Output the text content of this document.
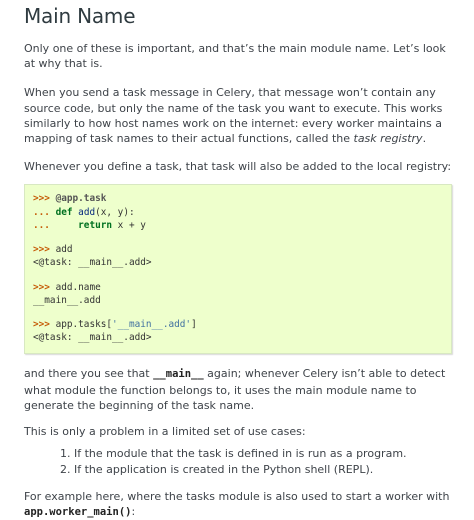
Main Name

Only one of these is important, and that’s the main module name. Let’s look at why that is.

When you send a task message in Celery, that message won’t contain any source code, but only the name of the task you want to execute. This works similarly to how host names work on the internet: every worker maintains a mapping of task names to their actual functions, called the task registry.

Whenever you define a task, that task will also be added to the local registry:

>>> @app.task
... def add(x, y):
...     return x + y
>>> add
<@task: __main__.add>
>>> add.name
__main__.add
>>> app.tasks['__main__.add']
<@task: __main__.add>

and there you see that __main__ again; whenever Celery isn’t able to detect what module the function belongs to, it uses the main module name to generate the beginning of the task name.

This is only a problem in a limited set of use cases:

1. If the module that the task is defined in is run as a program.
2. If the application is created in the Python shell (REPL).

For example here, where the tasks module is also used to start a worker with app.worker_main():
